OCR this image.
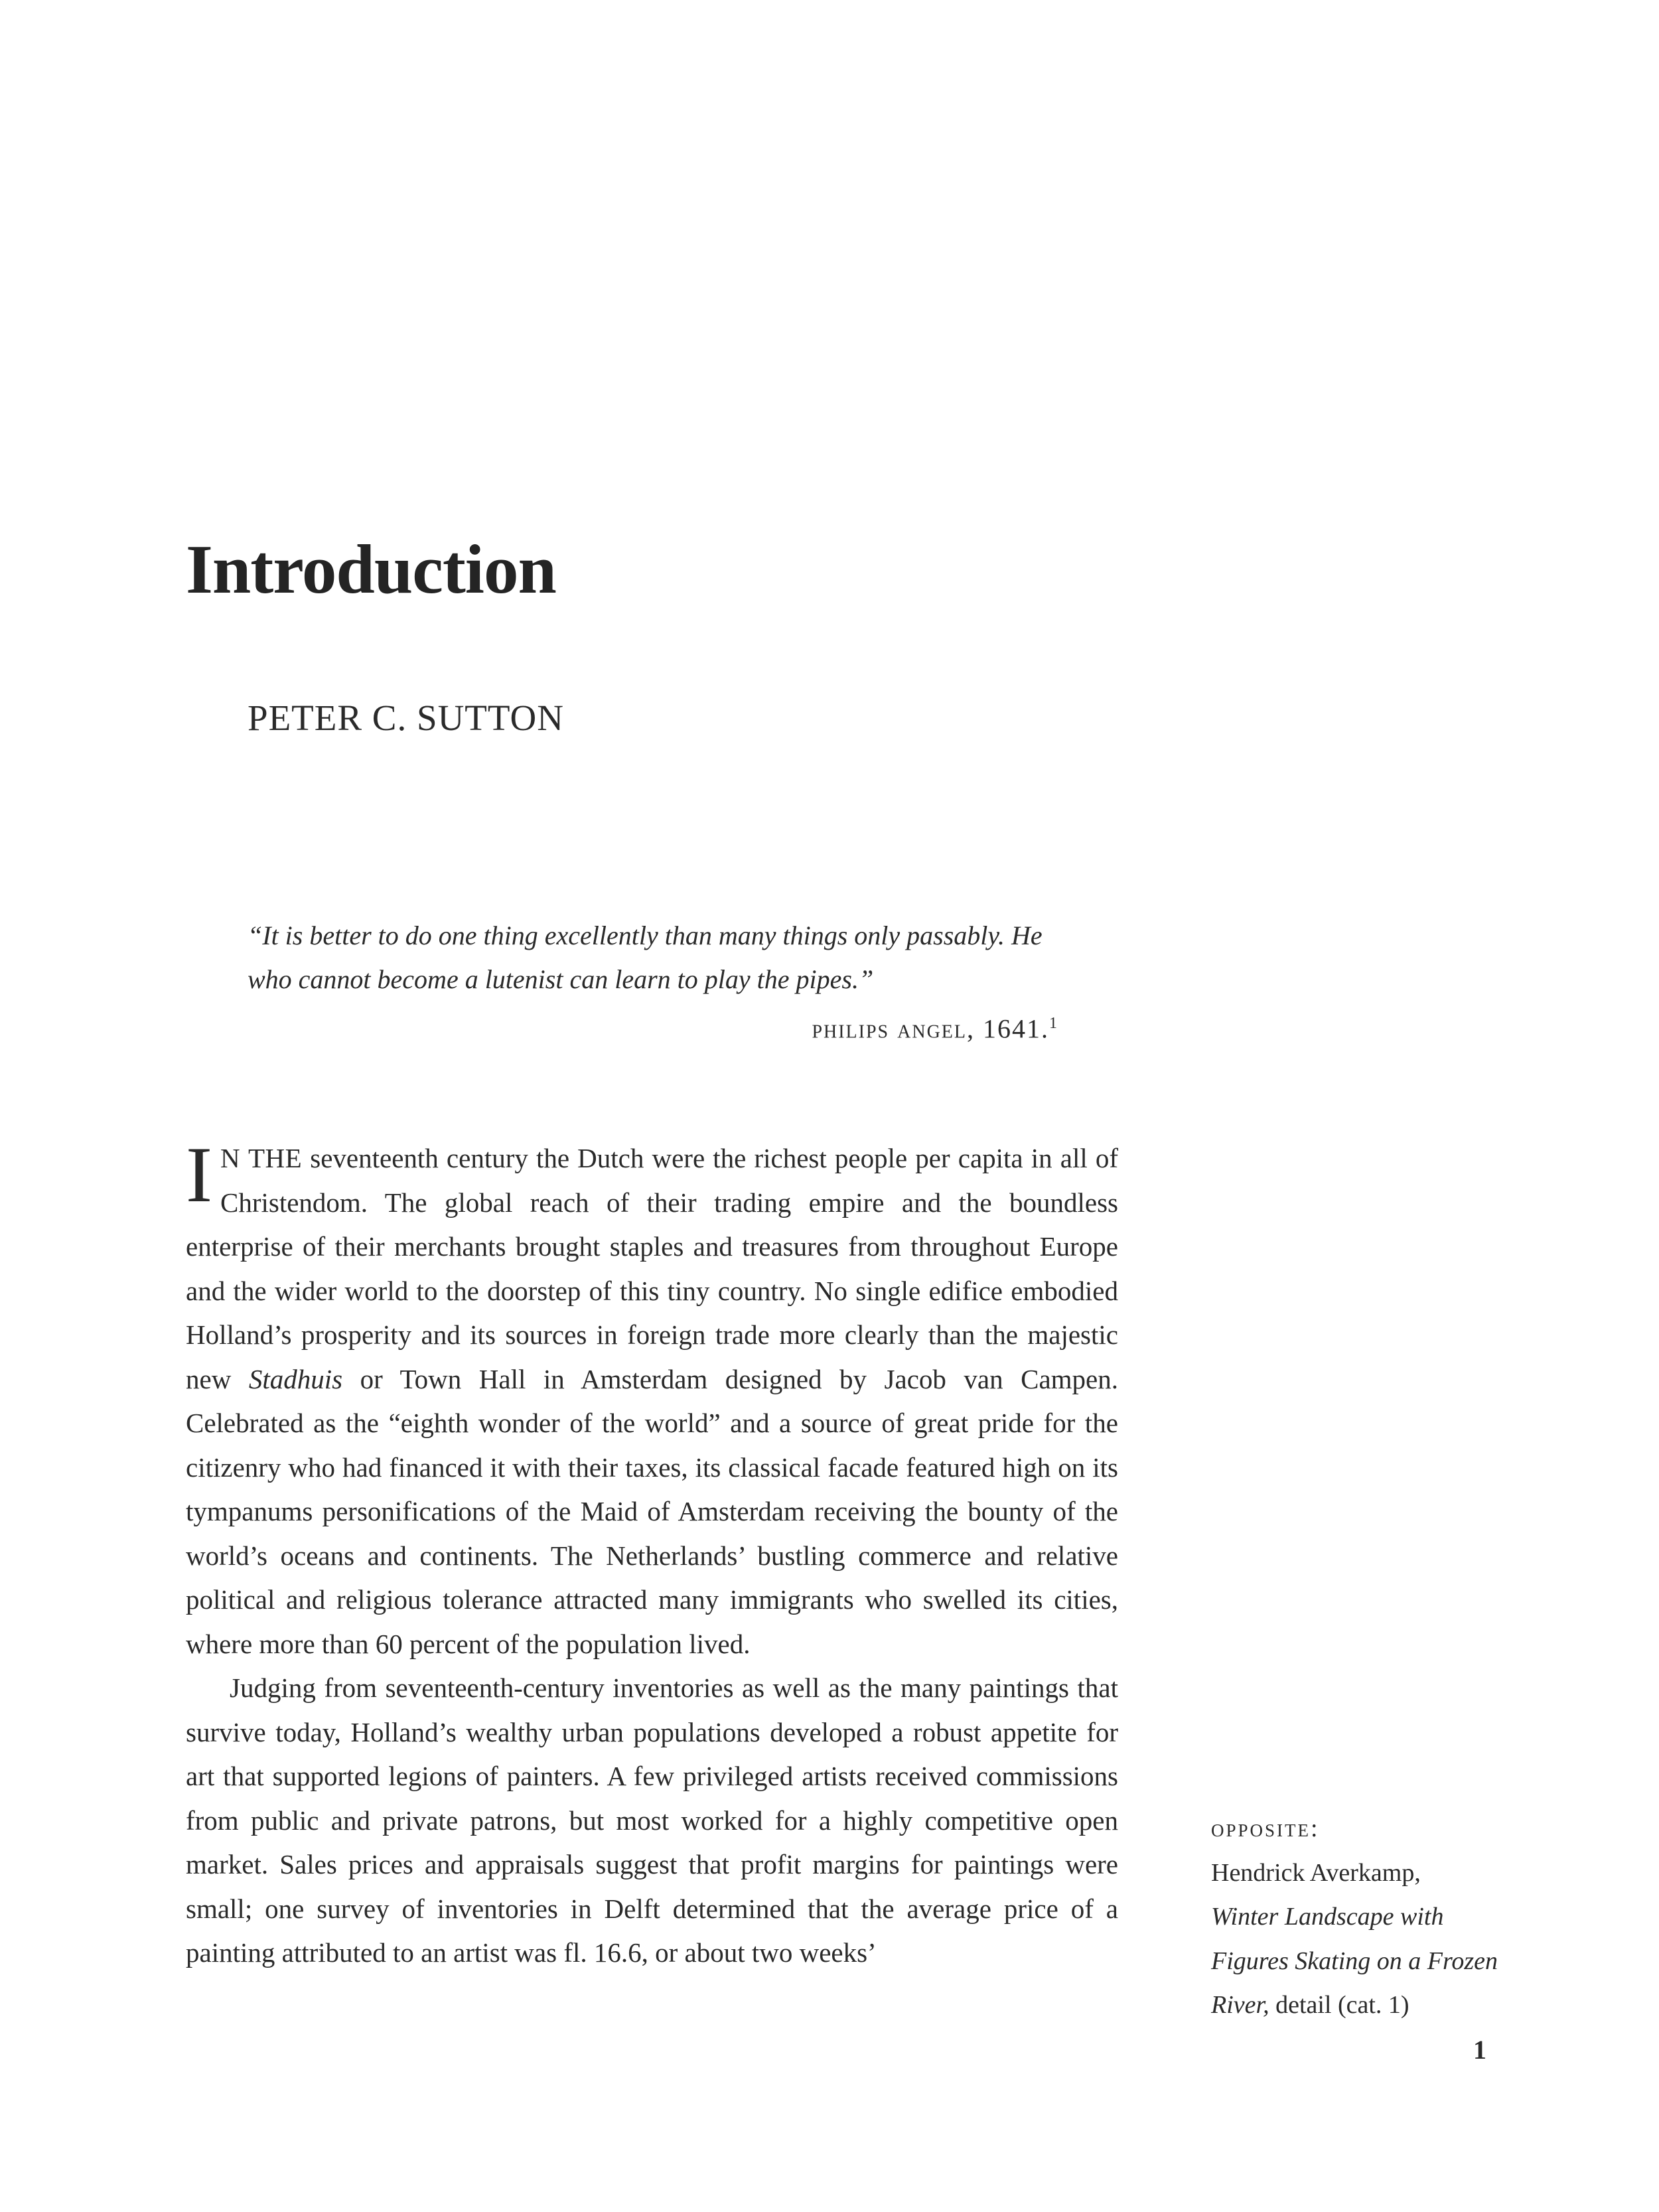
Introduction
PETER C. SUTTON

“It is better to do one thing excellently than many things only passably. He who cannot become a lutenist can learn to play the pipes.”

philips angel, 1641.$^1$

I N THE seventeenth century the Dutch were the richest people per capita in all of Christendom. The global reach of their trading empire and the boundless enterprise of their merchants brought staples and treasures from throughout Europe and the wider world to the doorstep of this tiny country. No single edifice embodied Holland’s prosperity and its sources in foreign trade more clearly than the majestic new Stadhuis or Town Hall in Amsterdam designed by Jacob van Campen. Celebrated as the “eighth wonder of the world” and a source of great pride for the citizenry who had financed it with their taxes, its classical facade featured high on its tympanums personifications of the Maid of Amsterdam receiving the bounty of the world’s oceans and continents. The Netherlands’ bustling commerce and relative political and religious tolerance attracted many immigrants who swelled its cities, where more than 60 percent of the population lived.

Judging from seventeenth-century inventories as well as the many paintings that survive today, Holland’s wealthy urban populations developed a robust appetite for art that supported legions of painters. A few privileged artists received commissions from public and private patrons, but most worked for a highly competitive open market. Sales prices and appraisals suggest that profit margins for paintings were small; one survey of inventories in Delft determined that the average price of a painting attributed to an artist was fl. 16.6, or about two weeks’

opposite:

Hendrick Averkamp,
Winter Landscape with Figures Skating on a Frozen River, detail (cat. 1)

1
